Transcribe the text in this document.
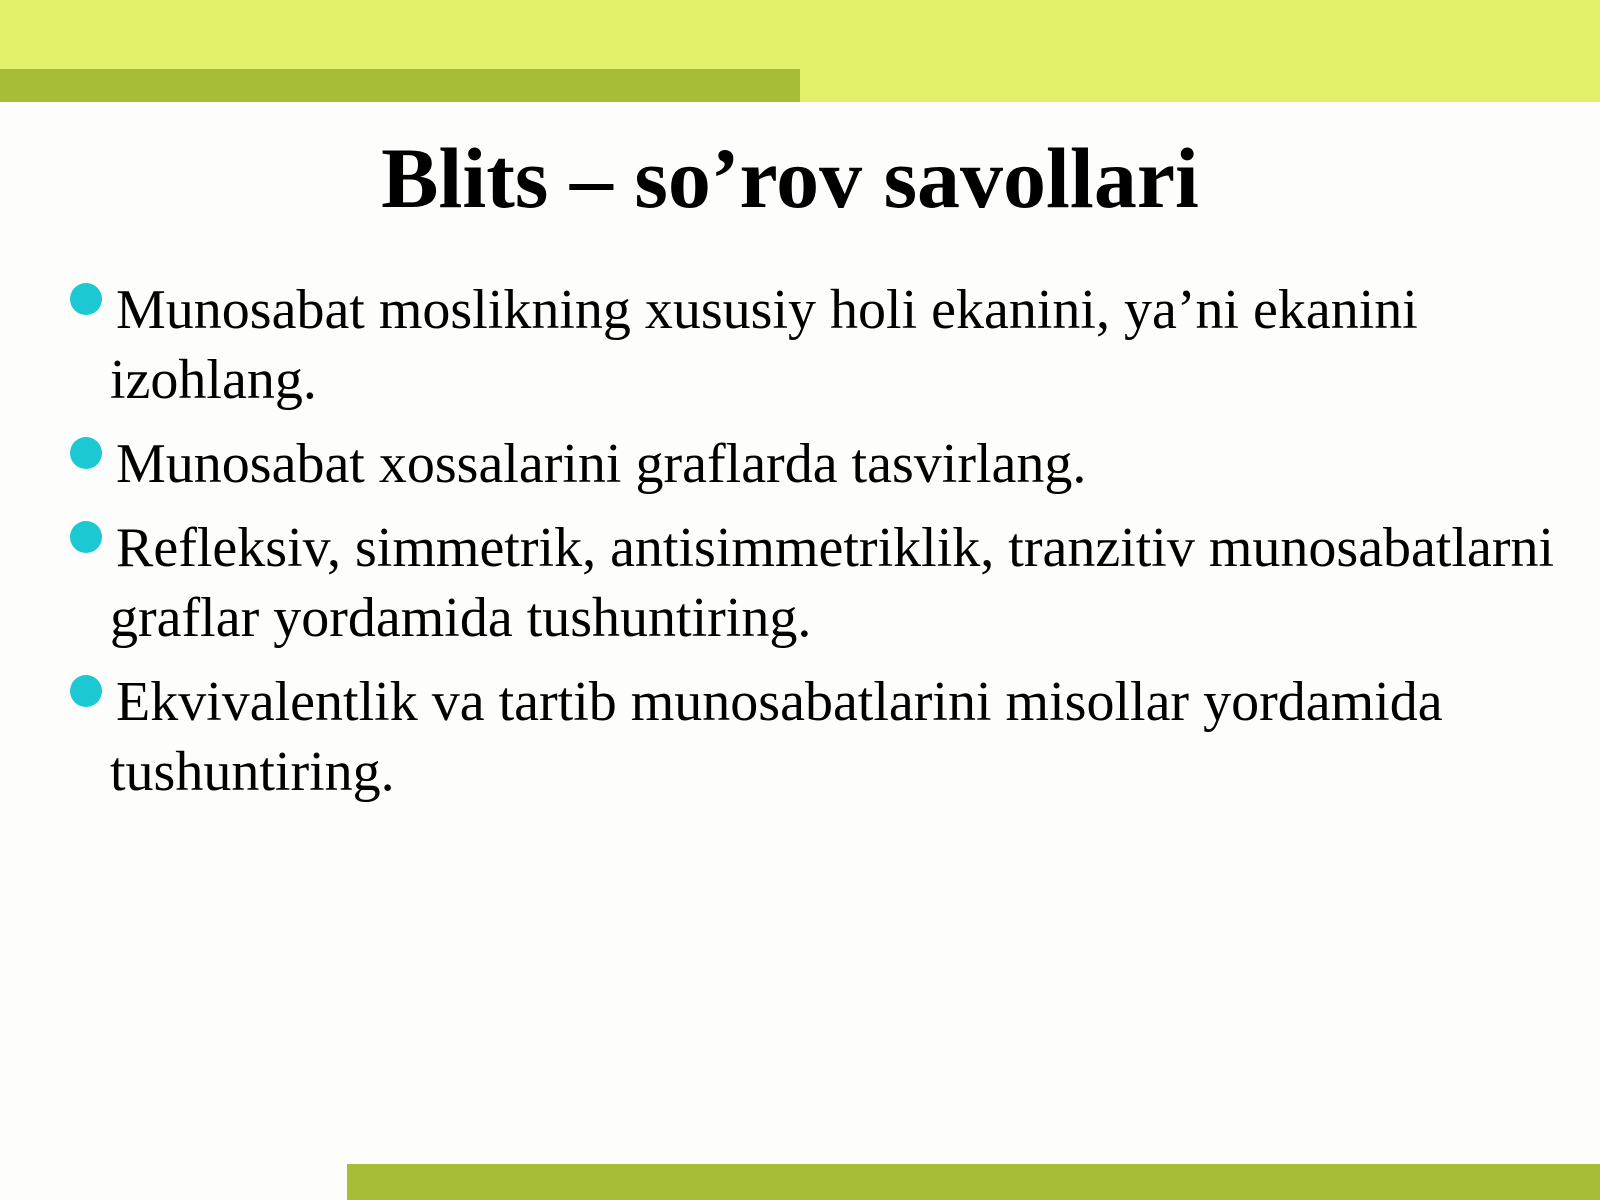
Blits – so’rov savollari
Munosabat moslikning xususiy holi ekanini, ya’ni ekanini izohlang.
Munosabat xossalarini graflarda tasvirlang.
Refleksiv, simmetrik, antisimmetriklik, tranzitiv munosabatlarni graflar yordamida tushuntiring.
Ekvivalentlik va tartib munosabatlarini misollar yordamida tushuntiring.
